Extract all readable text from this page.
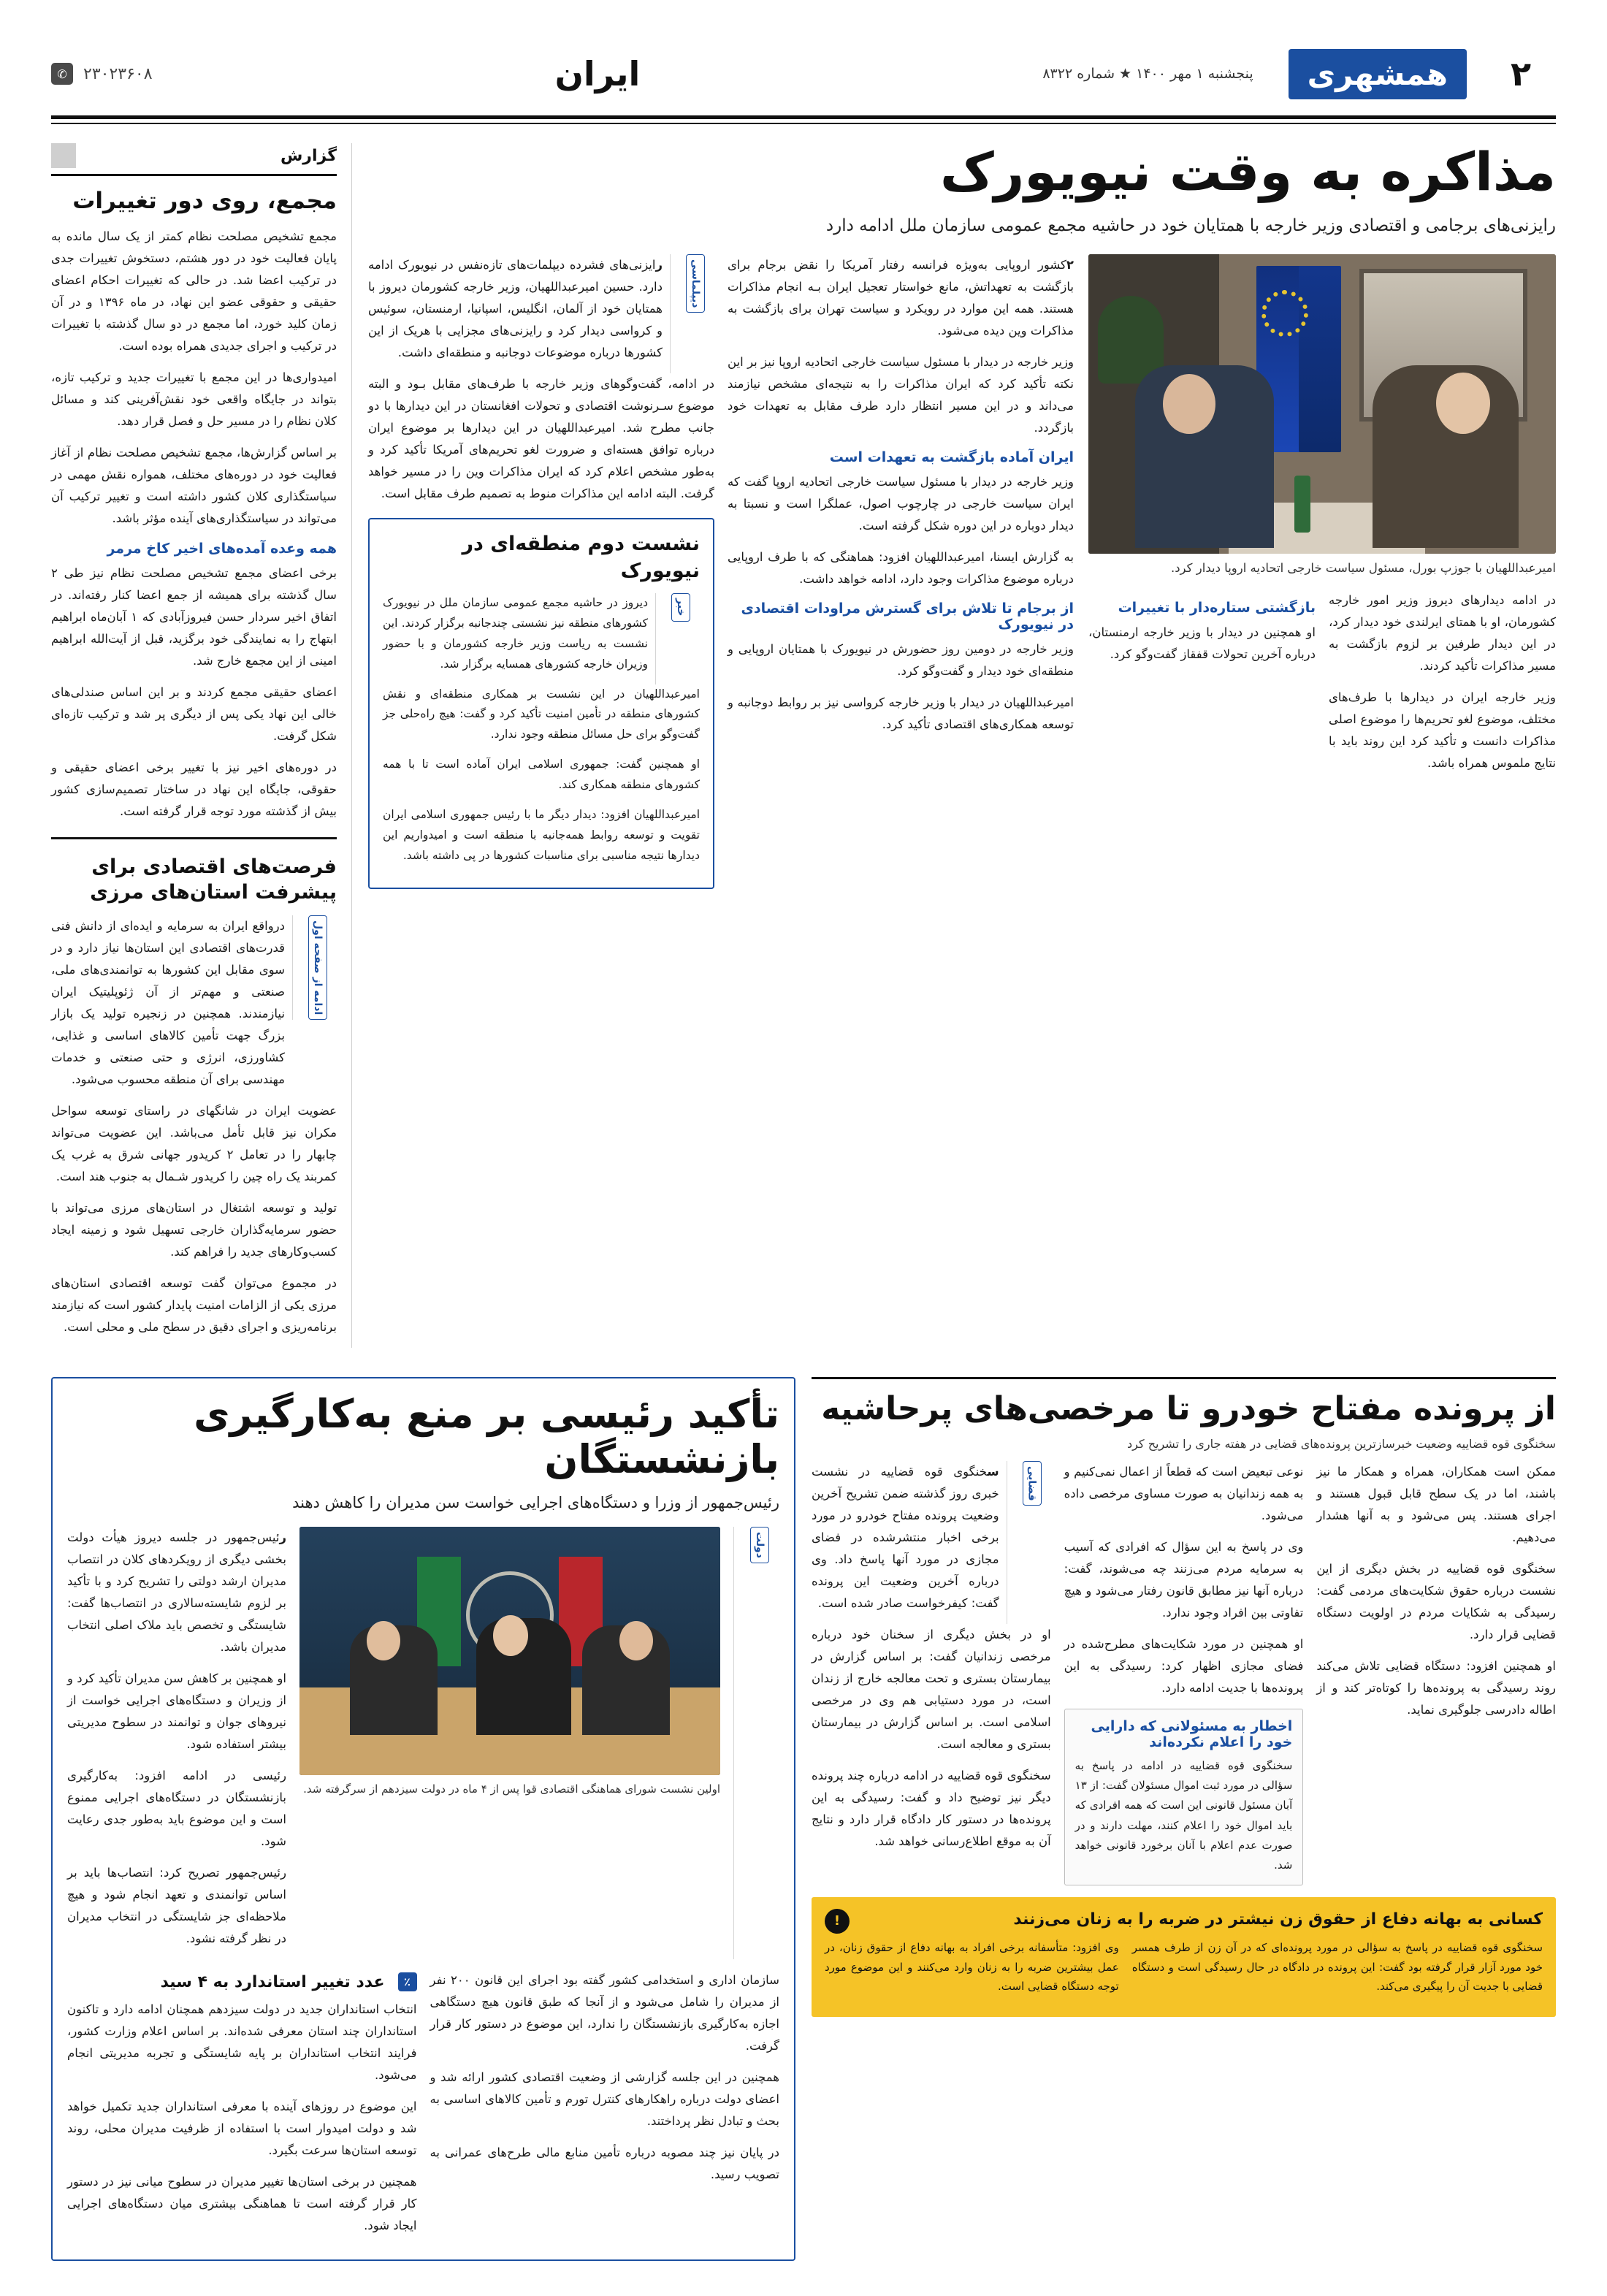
۲
همشهری
پنجشنبه ۱ مهر ۱۴۰۰ ★ شماره ۸۳۲۲
ایران
۲۳۰۲۳۶۰۸
✆
مذاکره به وقت نیویورک

رایزنی‌های برجامی و اقتصادی وزیر خارجه با همتایان خود در حاشیه مجمع عمومی سازمان ملل ادامه دارد

امیرعبداللهیان با جوزپ بورل، مسئول سیاست خارجی اتحادیه اروپا دیدار کرد.

در ادامه دیدارهای دیروز وزیر امور خارجه کشورمان، او با همتای ایرلندی خود دیدار کرد، در این دیدار طرفین بر لزوم بازگشت به مسیر مذاکرات تأکید کردند.

وزیر خارجه ایران در دیدارها با طرف‌های مختلف، موضوع لغو تحریم‌ها را موضوع اصلی مذاکرات دانست و تأکید کرد این روند باید با نتایج ملموس همراه باشد.

بازگشتی ستاره‌دار با تغییرات

او همچنین در دیدار با وزیر خارجه ارمنستان، درباره آخرین تحولات قفقاز گفت‌وگو کرد.

۲کشور اروپایی به‌ویژه فرانسه رفتار آمریکا را نقض برجام برای بازگشت به تعهداتش، مانع خواستار تعجیل ایران بـه انجام مذاکرات هستند. همه این موارد در رویکرد و سیاست تهران برای بازگشت به مذاکرات وین دیده می‌شود.

وزیر خارجه در دیدار با مسئول سیاست خارجی اتحادیه اروپا نیز بر این نکته تأکید کرد که ایران مذاکرات را به نتیجه‌ای مشخص نیازمند می‌داند و در این مسیر انتظار دارد طرف مقابل به تعهدات خود بازگردد.

ایران آماده بازگشت به تعهدات است

وزیر خارجه در دیدار با مسئول سیاست خارجی اتحادیه اروپا گفت که ایران سیاست خارجی در چارچوب اصول، عملگرا است و نسبتا به دیدار دوباره در این دوره شکل گرفته است.

به گزارش ایسنا، امیرعبداللهیان افزود: هماهنگی که با طرف اروپایی درباره موضوع مذاکرات وجود دارد، ادامه خواهد داشت.

از برجام تا تلاش برای گسترش مراودات اقتصادی در نیویورک

وزیر خارجه در دومین روز حضورش در نیویورک با همتایان اروپایی و منطقه‌ای خود دیدار و گفت‌وگو کرد.

امیرعبداللهیان در دیدار با وزیر خارجه کرواسی نیز بر روابط دوجانبه و توسعه همکاری‌های اقتصادی تأکید کرد.

دیپلماسی

رایزنی‌های فشرده دیپلمات‌های تازه‌نفس در نیویورک ادامه دارد. حسین امیرعبداللهیان، وزیر خارجه کشورمان دیروز با همتایان خود از آلمان، انگلیس، اسپانیا، ارمنستان، سوئیس و کرواسی دیدار کرد و رایزنی‌های مجزایی با هریک از این کشورها درباره موضوعات دوجانبه و منطقه‌ای داشت.

در ادامه، گفت‌وگوهای وزیر خارجه با طرف‌های مقابل بـود و البته موضوع سـرنوشت اقتصادی و تحولات افغانستان در این دیدارها با دو جانب مطرح شد. امیرعبداللهیان در این دیدارها بر موضوع ایران درباره توافق هسته‌ای و ضرورت لغو تحریم‌های آمریکا تأکید کرد و به‌طور مشخص اعلام کرد که ایران مذاکرات وین را در مسیر خواهد گرفت. البته ادامه این مذاکرات منوط به تصمیم طرف مقابل است.

نشست دوم منطقه‌ای در نیویورک
خبر

دیروز در حاشیه مجمع عمومی سازمان ملل در نیویورک کشورهای منطقه نیز نشستی چندجانبه برگزار کردند. این نشست به ریاست وزیر خارجه کشورمان و با حضور وزیران خارجه کشورهای همسایه برگزار شد.

امیرعبداللهیان در این نشست بر همکاری منطقه‌ای و نقش کشورهای منطقه در تأمین امنیت تأکید کرد و گفت: هیچ راه‌حلی جز گفت‌وگو برای حل مسائل منطقه وجود ندارد.

او همچنین گفت: جمهوری اسلامی ایران آماده است تا با همه کشورهای منطقه همکاری کند.

امیرعبداللهیان افزود: دیدار دیگر ما با رئیس جمهوری اسلامی ایران تقویت و توسعه روابط همه‌جانبه با منطقه است و امیدواریم این دیدارها نتیجه مناسبی برای مناسبات کشورها در پی داشته باشد.

گزارش
مجمع، روی دور تغییرات

مجمع تشخیص مصلحت نظام کمتر از یک سال مانده به پایان فعالیت خود در دور هشتم، دستخوش تغییرات جدی در ترکیب اعضا شد. در حالی که تغییرات احکام اعضای حقیقی و حقوقی عضو این نهاد، در ماه ۱۳۹۶ و در آن زمان کلید خورد، اما مجمع در دو سال گذشته با تغییرات در ترکیب و اجرای جدیدی همراه بوده است.

امیدواری‌ها در این مجمع با تغییرات جدید و ترکیب تازه، بتواند در جایگاه واقعی خود نقش‌آفرینی کند و مسائل کلان نظام را در مسیر حل و فصل قرار دهد.

بر اساس گزارش‌ها، مجمع تشخیص مصلحت نظام از آغاز فعالیت خود در دوره‌های مختلف، همواره نقش مهمی در سیاستگذاری کلان کشور داشته است و تغییر ترکیب آن می‌تواند در سیاستگذاری‌های آینده مؤثر باشد.

همه وعده آمده‌های اخیر کاخ مرمر

برخی اعضای مجمع تشخیص مصلحت نظام نیز طی ۲ سال گذشته برای همیشه از جمع اعضا کنار رفته‌اند. در اتفاق اخیر سردار حسن فیروزآبادی که ۱ آبان‌ماه ابراهیم ابتهاج را به نمایندگی خود برگزید، قبل از آیت‌الله ابراهیم امینی از این مجمع خارج شد.

اعضای حقیقی مجمع کردند و بر این اساس صندلی‌های خالی این نهاد یکی پس از دیگری پر شد و ترکیب تازه‌ای شکل گرفت.

در دوره‌های اخیر نیز با تغییر برخی اعضای حقیقی و حقوقی، جایگاه این نهاد در ساختار تصمیم‌سازی کشور بیش از گذشته مورد توجه قرار گرفته است.

فرصت‌های اقتصادی برای پیشرفت استان‌های مرزی
ادامه از صفحه اول

درواقع ایران به سرمایه و ایده‌ای از دانش فنی قدرت‌های اقتصادی این استان‌ها نیاز دارد و در سوی مقابل این کشورها به توانمندی‌های ملی، صنعتی و مهم‌تر از آن ژئوپلیتیک ایران نیازمندند. همچنین در زنجیره تولید یک بازار بزرگ جهت تأمین کالاهای اساسی و غذایی، کشاورزی، انرژی و حتی صنعتی و خدمات مهندسی برای آن منطقه محسوب می‌شود.

عضویت ایران در شانگهای در راستای توسعه سواحل مکران نیز قابل تأمل می‌باشد. این عضویت می‌تواند چابهار را در تعامل ۲ کریدور جهانی شرق به غرب یک کمربند یک راه چین را کریدور شـمال به جنوب هند است.

تولید و توسعه اشتغال در استان‌های مرزی می‌تواند با حضور سرمایه‌گذاران خارجی تسهیل شود و زمینه ایجاد کسب‌وکارهای جدید را فراهم کند.

در مجموع می‌توان گفت توسعه اقتصادی استان‌های مرزی یکی از الزامات امنیت پایدار کشور است که نیازمند برنامه‌ریزی و اجرای دقیق در سطح ملی و محلی است.

از پرونده مفتاح خودرو تا مرخصی‌های پرحاشیه

سخنگوی قوه قضاییه وضعیت خبرسازترین پرونده‌های قضایی در هفته جاری را تشریح کرد

ممکن است همکاران، همراه و همکار ما نیز باشند، اما در یک سطح قابل قبول هستند و اجرای هستند. پس می‌شود و به آنها هشدار می‌دهیم.

سخنگوی قوه قضاییه در بخش دیگری از این نشست درباره حقوق شکایت‌های مردمی گفت: رسیدگی به شکایات مردم در اولویت دستگاه قضایی قرار دارد.

او همچنین افزود: دستگاه قضایی تلاش می‌کند روند رسیدگی به پرونده‌ها را کوتاه‌تر کند و از اطاله دادرسی جلوگیری نماید.

نوعی تبعیض است که قطعاً از اعمال نمی‌کنیم و به همه زندانیان به صورت مساوی مرخصی داده می‌شود.

وی در پاسخ به این سؤال که افرادی که آسیب به سرمایه مردم می‌زنند چه می‌شوند، گفت: درباره آنها نیز مطابق قانون رفتار می‌شود و هیچ تفاوتی بین افراد وجود ندارد.

او همچنین در مورد شکایت‌های مطرح‌شده در فضای مجازی اظهار کرد: رسیدگی به این پرونده‌ها با جدیت ادامه دارد.

اخطار به مسئولانی که دارایی خود را اعلام نکرده‌اند

سخنگوی قوه قضاییه در ادامه در پاسخ به سؤالی در مورد ثبت اموال مسئولان گفت: از ۱۳ آبان مسئول قانونی این است که همه افرادی که باید اموال خود را اعلام کنند، مهلت دارند و در صورت عدم اعلام با آنان برخورد قانونی خواهد شد.

قضایی

سخنگوی قوه قضاییه در نشست خبری روز گذشته ضمن تشریح آخرین وضعیت پرونده مفتاح خودرو در مورد برخی اخبار منتشرشده در فضای مجازی در مورد آنها پاسخ داد. وی درباره آخرین وضعیت این پرونده گفت: کیفرخواست صادر شده است.

او در بخش دیگری از سخنان خود درباره مرخصی زندانیان گفت: بر اساس گزارش در بیمارستان بستری و تحت معالجه خارج از زندان است، در مورد دستیابی هم وی در مرخصی اسلامی است. بر اساس گزارش در بیمارستان بستری و معالجه است.

سخنگوی قوه قضاییه در ادامه درباره چند پرونده دیگر نیز توضیح داد و گفت: رسیدگی به این پرونده‌ها در دستور کار دادگاه قرار دارد و نتایج آن به موقع اطلاع‌رسانی خواهد شد.

!	کسانی به بهانه دفاع از حقوق زن نیشتر در ضربه را به زنان می‌زنند

سخنگوی قوه قضاییه در پاسخ به سؤالی در مورد پرونده‌ای که در آن زن از طرف همسر خود مورد آزار قرار گرفته بود گفت: این پرونده در دادگاه در حال رسیدگی است و دستگاه قضایی با جدیت آن را پیگیری می‌کند.

وی افزود: متأسفانه برخی افراد به بهانه دفاع از حقوق زنان، در عمل بیشترین ضربه را به زنان وارد می‌کنند و این موضوع مورد توجه دستگاه قضایی است.

تأکید رئیسی بر منع به‌کارگیری بازنشستگان

رئیس‌جمهور از وزرا و دستگاه‌های اجرایی خواست سن مدیران را کاهش دهند

دولت
اولین نشست شورای هماهنگی اقتصادی قوا پس از ۴ ماه در دولت سیزدهم از سرگرفته شد.

رئیس‌جمهور در جلسه دیروز هیأت دولت بخشی دیگری از رویکردهای کلان در انتصاب مدیران ارشد دولتی را تشریح کرد و با تأکید بر لزوم شایسته‌سالاری در انتصاب‌ها گفت: شایستگی و تخصص باید ملاک اصلی انتخاب مدیران باشد.

او همچنین بر کاهش سن مدیران تأکید کرد و از وزیران و دستگاه‌های اجرایی خواست از نیروهای جوان و توانمند در سطوح مدیریتی بیشتر استفاده شود.

رئیسی در ادامه افزود: به‌کارگیری بازنشستگان در دستگاه‌های اجرایی ممنوع است و این موضوع باید به‌طور جدی رعایت شود.

رئیس‌جمهور تصریح کرد: انتصاب‌ها باید بر اساس توانمندی و تعهد انجام شود و هیچ ملاحظه‌ای جز شایستگی در انتخاب مدیران در نظر گرفته نشود.

سازمان اداری و استخدامی کشور گفته بود اجرای این قانون ۲۰۰ نفر از مدیران را شامل می‌شود و از آنجا که طبق قانون هیچ دستگاهی اجازه به‌کارگیری بازنشستگان را ندارد، این موضوع در دستور کار قرار گرفت.

همچنین در این جلسه گزارشی از وضعیت اقتصادی کشور ارائه شد و اعضای دولت درباره راهکارهای کنترل تورم و تأمین کالاهای اساسی به بحث و تبادل نظر پرداختند.

در پایان نیز چند مصوبه درباره تأمین منابع مالی طرح‌های عمرانی به تصویب رسید.

٪
عدد تغییر استاندارد به ۴ سید

انتخاب استانداران جدید در دولت سیزدهم همچنان ادامه دارد و تاکنون استانداران چند استان معرفی شده‌اند. بر اساس اعلام وزارت کشور، فرایند انتخاب استانداران بر پایه شایستگی و تجربه مدیریتی انجام می‌شود.

این موضوع در روزهای آینده با معرفی استانداران جدید تکمیل خواهد شد و دولت امیدوار است با استفاده از ظرفیت مدیران محلی، روند توسعه استان‌ها سرعت بگیرد.

همچنین در برخی استان‌ها تغییر مدیران در سطوح میانی نیز در دستور کار قرار گرفته است تا هماهنگی بیشتری میان دستگاه‌های اجرایی ایجاد شود.
